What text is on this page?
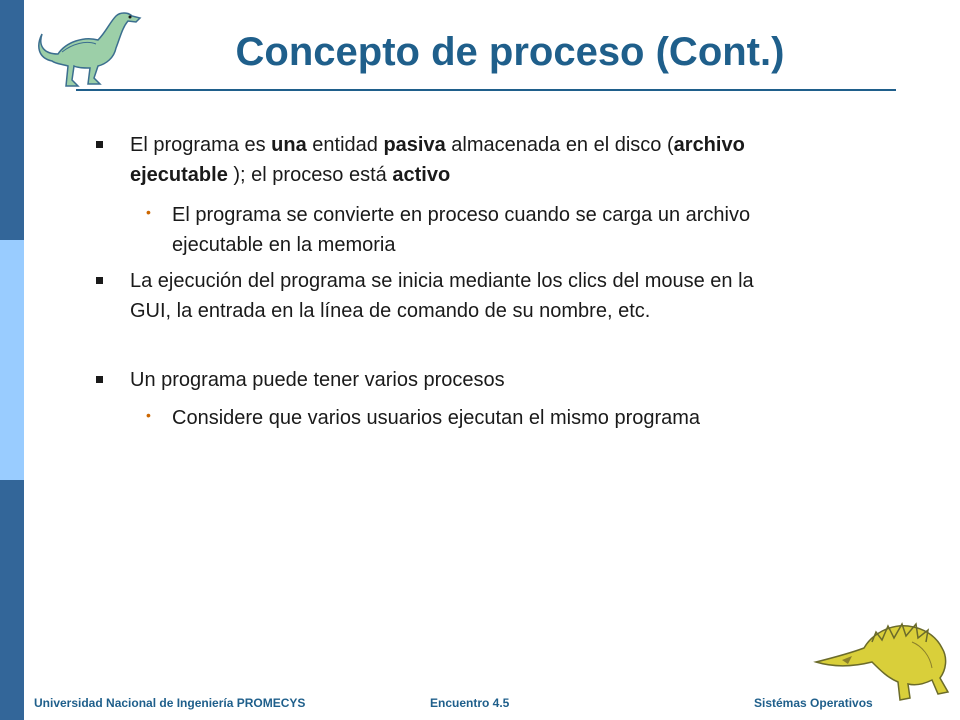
Concepto de proceso (Cont.)
El programa es una entidad pasiva almacenada en el disco (archivo ejecutable ); el proceso está activo
• El programa se convierte en proceso cuando se carga un archivo ejecutable en la memoria
La ejecución del programa se inicia mediante los clics del mouse en la GUI, la entrada en la línea de comando de su nombre, etc.
Un programa puede tener varios procesos
• Considere que varios usuarios ejecutan el mismo programa
Universidad Nacional de Ingeniería PROMECYS	Encuentro 4.5	Sistémas Operativos
